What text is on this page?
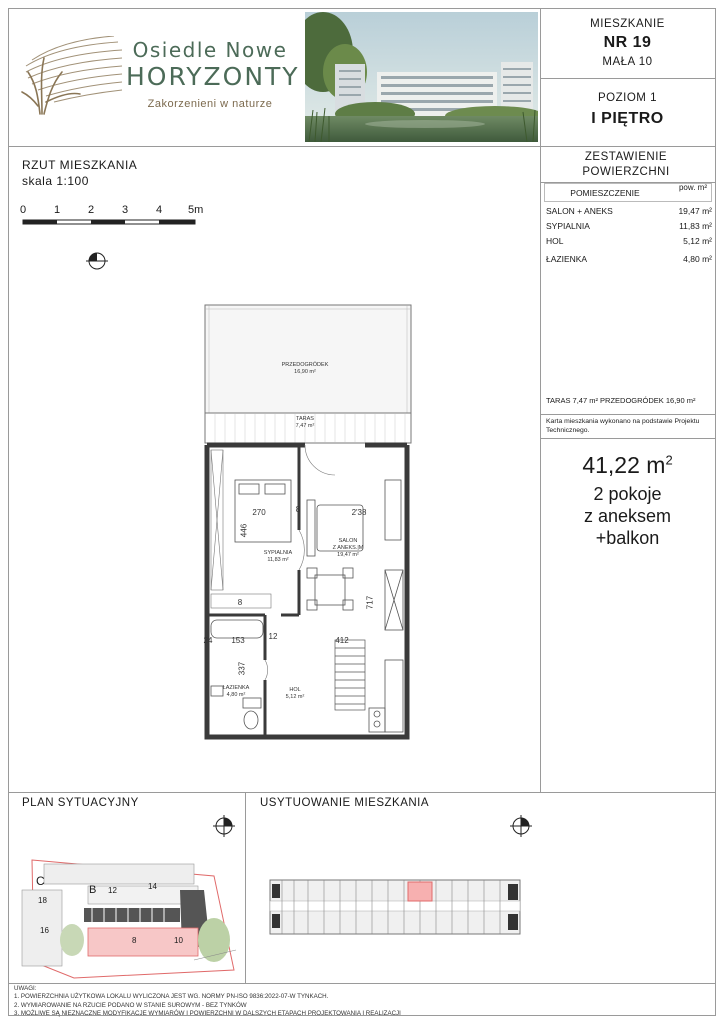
Osiedle Nowe
HORYZONTY
Zakorzenieni w naturze
MIESZKANIE
NR 19
MAŁA 10
POZIOM 1
I PIĘTRO
ZESTAWIENIE POWIERZCHNI
POMIESZCZENIE
pow. m²
SALON + ANEKS	19,47 m²
SYPIALNIA	11,83 m²
HOL	5,12 m²
ŁAZIENKA	4,80 m²
TARAS 7,47 m² PRZEDOGRÓDEK 16,90 m²
Karta mieszkania wykonano na podstawie Projektu Technicznego.
41,22 $m^2$
2 pokoje
z aneksem
+balkon
RZUT MIESZKANIA
skala 1:100
0	1	2	3	4 5m
PRZEDOGRÓDEK
16,90 m²
TARAS
7,47 m²
SYPIALNIA
11,83 m²
SALON
Z ANEKS.|M
19,47 m²
ŁAZIENKA
4,80 m²
HOL
5,12 m²
270
446
8	2'38
717
8
24	153	12	412
337
PLAN SYTUACYJNY
C
B 12	14
18
16
8	10
USYTUOWANIE MIESZKANIA
UWAGI:
1. POWIERZCHNIA UŻYTKOWA LOKALU WYLICZONA JEST WG. NORMY PN-ISO 9836:2022-07-W TYNKACH.
2. WYMIAROWANIE NA RZUCIE PODANO W STANIE SUROWYM - BEZ TYNKÓW
3. MOŻLIWE SĄ NIEZNACZNE MODYFIKACJE WYMIARÓW I POWIERZCHNI W DALSZYCH ETAPACH PROJEKTOWANIA I REALIZACJI
